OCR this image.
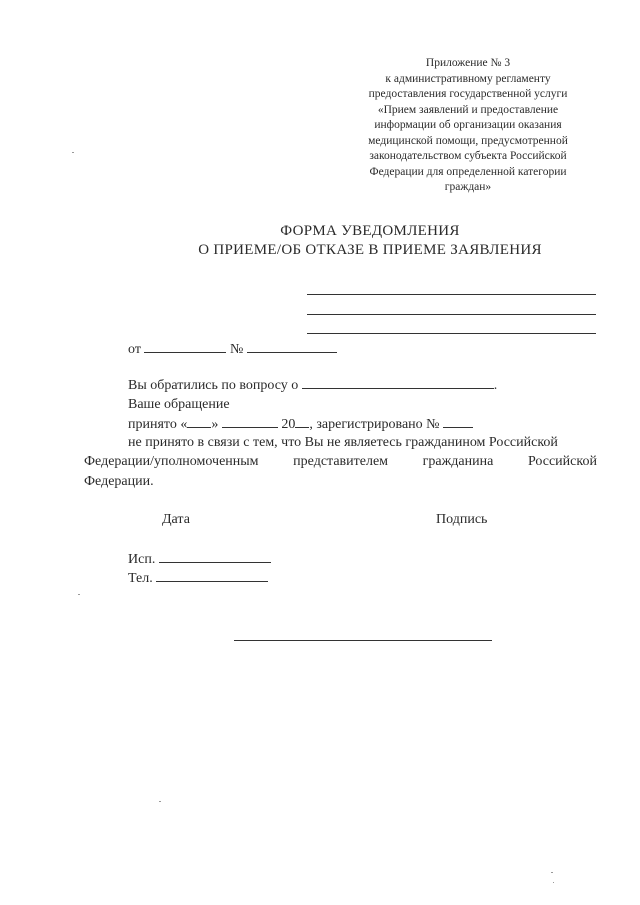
Приложение № 3
к административному регламенту
предоставления государственной услуги
«Прием заявлений и предоставление
информации об организации оказания
медицинской помощи, предусмотренной
законодательством субъекта Российской
Федерации для определенной категории
граждан»
ФОРМА УВЕДОМЛЕНИЯ
О ПРИЕМЕ/ОБ ОТКАЗЕ В ПРИЕМЕ ЗАЯВЛЕНИЯ
от	№
Вы обратились по вопросу о	.
Ваше обращение
принято « »	20 , зарегистрировано №
не принято в связи с тем, что Вы не являетесь гражданином Российской
Федерации/уполномоченным представителем гражданина Российской
Федерации.
Дата	Подпись
Исп.
Тел.
